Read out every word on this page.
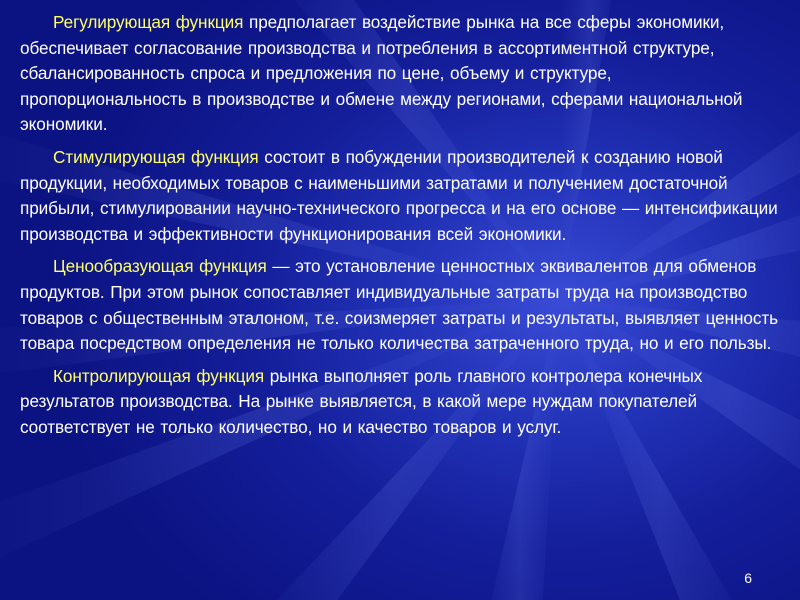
Регулирующая функция предполагает воздействие рынка на все сферы экономики, обеспечивает согласование производства и потребления в ассортиментной структуре, сбалансированность спроса и предложения по цене, объему и структуре, пропорциональность в производстве и обмене между регионами, сферами национальной экономики.

Стимулирующая функция состоит в побуждении производителей к созданию новой продукции, необходимых товаров с наименьшими затратами и получением достаточной прибыли, стимулировании научно-технического прогресса и на его основе — интенсификации производства и эффективности функционирования всей экономики.

Ценообразующая функция — это установление ценностных эквивалентов для обменов продуктов. При этом рынок сопоставляет индивидуальные затраты труда на производство товаров с общественным эталоном, т.е. соизмеряет затраты и результаты, выявляет ценность товара посредством определения не только количества затраченного труда, но и его пользы.

Контролирующая функция рынка выполняет роль главного контролера конечных результатов производства. На рынке выявляется, в какой мере нуждам покупателей соответствует не только количество, но и качество товаров и услуг.

6
